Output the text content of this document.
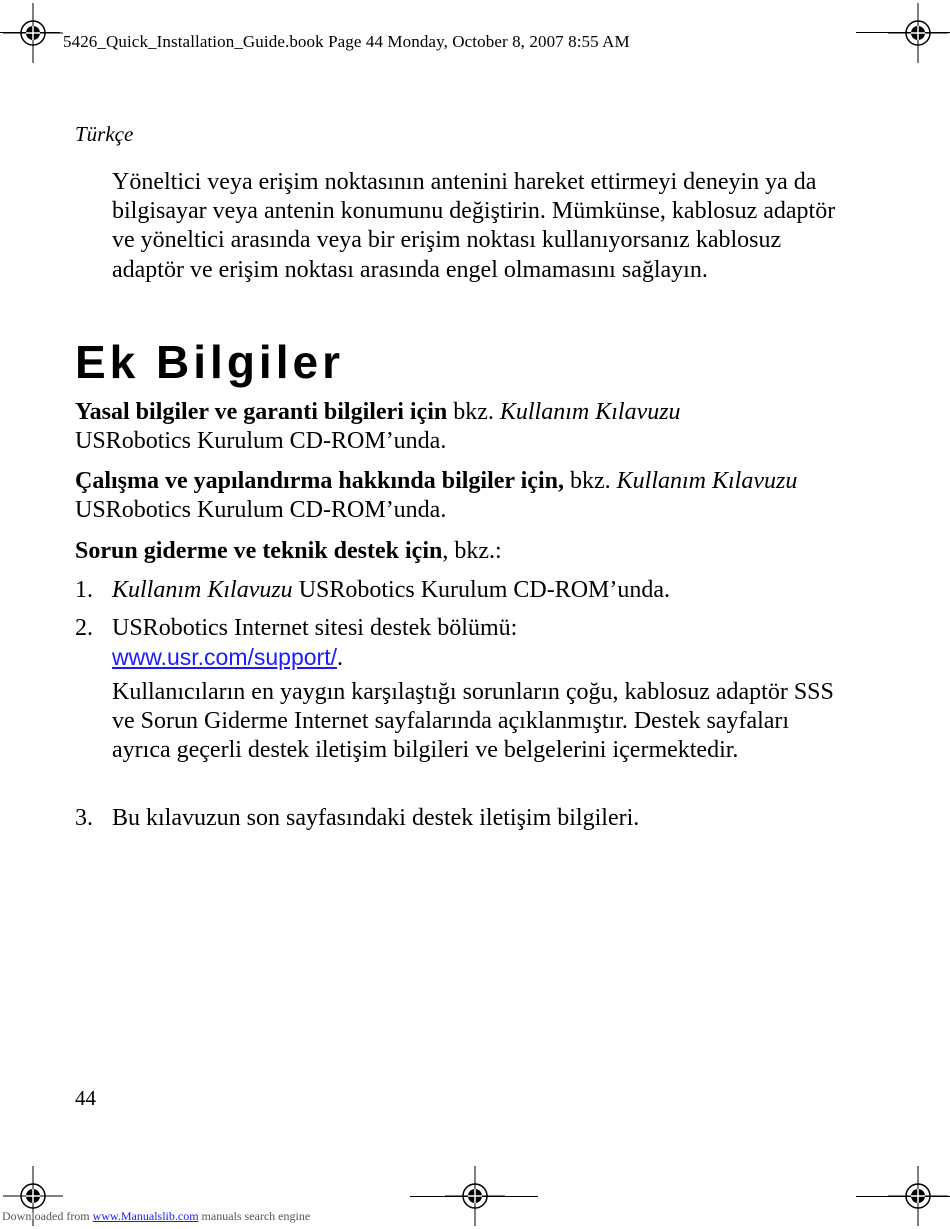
5426_Quick_Installation_Guide.book Page 44 Monday, October 8, 2007 8:55 AM
Türkçe

Yöneltici veya erişim noktasının antenini hareket ettirmeyi deneyin ya da bilgisayar veya antenin konumunu değiştirin. Mümkünse, kablosuz adaptör ve yöneltici arasında veya bir erişim noktası kullanıyorsanız kablosuz adaptör ve erişim noktası arasında engel olmamasını sağlayın.

Ek Bilgiler

Yasal bilgiler ve garanti bilgileri için bkz. Kullanım Kılavuzu
USRobotics Kurulum CD-ROM’unda.

Çalışma ve yapılandırma hakkında bilgiler için, bkz. Kullanım Kılavuzu USRobotics Kurulum CD-ROM’unda.

Sorun giderme ve teknik destek için, bkz.:

1. Kullanım Kılavuzu USRobotics Kurulum CD-ROM’unda.
2. USRobotics Internet sitesi destek bölümü:
www.usr.com/support/.
Kullanıcıların en yaygın karşılaştığı sorunların çoğu, kablosuz adaptör SSS ve Sorun Giderme Internet sayfalarında açıklanmıştır. Destek sayfaları ayrıca geçerli destek iletişim bilgileri ve belgelerini içermektedir.
3. Bu kılavuzun son sayfasındaki destek iletişim bilgileri.
44
Downloaded from www.Manualslib.com manuals search engine
